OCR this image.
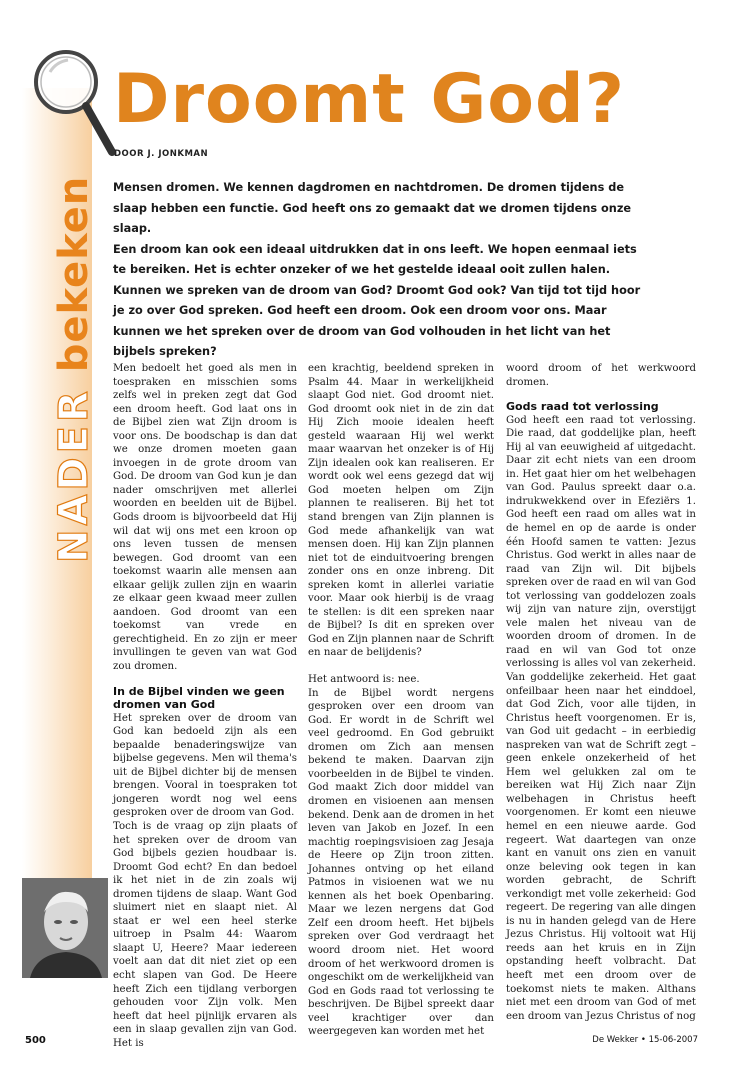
NADER bekeken
Droomt God?
DOOR J. JONKMAN

Mensen dromen. We kennen dagdromen en nachtdromen. De dromen tijdens de slaap hebben een functie. God heeft ons zo gemaakt dat we dromen tijdens onze slaap.

Een droom kan ook een ideaal uitdrukken dat in ons leeft. We hopen eenmaal iets te bereiken. Het is echter onzeker of we het gestelde ideaal ooit zullen halen.

Kunnen we spreken van de droom van God? Droomt God ook? Van tijd tot tijd hoor je zo over God spreken. God heeft een droom. Ook een droom voor ons. Maar kunnen we het spreken over de droom van God volhouden in het licht van het bijbels spreken?

Men bedoelt het goed als men in toespraken en misschien soms zelfs wel in preken zegt dat God een droom heeft. God laat ons in de Bijbel zien wat Zijn droom is voor ons. De boodschap is dan dat we onze dromen moeten gaan invoegen in de grote droom van God. De droom van God kun je dan nader omschrijven met allerlei woorden en beelden uit de Bijbel. Gods droom is bijvoorbeeld dat Hij wil dat wij ons met een kroon op ons leven tussen de mensen bewegen. God droomt van een toekomst waarin alle mensen aan elkaar gelijk zullen zijn en waarin ze elkaar geen kwaad meer zullen aandoen. God droomt van een toekomst van vrede en gerechtigheid. En zo zijn er meer invullingen te geven van wat God zou dromen.

In de Bijbel vinden we geen dromen van God

Het spreken over de droom van God kan bedoeld zijn als een bepaalde benaderingswijze van bijbelse gegevens. Men wil thema's uit de Bijbel dichter bij de mensen brengen. Vooral in toespraken tot jongeren wordt nog wel eens gesproken over de droom van God.

Toch is de vraag op zijn plaats of het spreken over de droom van God bijbels gezien houdbaar is. Droomt God echt? En dan bedoel ik het niet in de zin zoals wij dromen tijdens de slaap. Want God sluimert niet en slaapt niet. Al staat er wel een heel sterke uitroep in Psalm 44: Waarom slaapt U, Heere? Maar iedereen voelt aan dat dit niet ziet op een echt slapen van God. De Heere heeft Zich een tijdlang verborgen gehouden voor Zijn volk. Men heeft dat heel pijnlijk ervaren als een in slaap gevallen zijn van God. Het is

een krachtig, beeldend spreken in Psalm 44. Maar in werkelijkheid slaapt God niet. God droomt niet. God droomt ook niet in de zin dat Hij Zich mooie idealen heeft gesteld waaraan Hij wel werkt maar waarvan het onzeker is of Hij Zijn idealen ook kan realiseren. Er wordt ook wel eens gezegd dat wij God moeten helpen om Zijn plannen te realiseren. Bij het tot stand brengen van Zijn plannen is God mede afhankelijk van wat mensen doen. Hij kan Zijn plannen niet tot de einduitvoering brengen zonder ons en onze inbreng. Dit spreken komt in allerlei variatie voor. Maar ook hierbij is de vraag te stellen: is dit een spreken naar de Bijbel? Is dit en spreken over God en Zijn plannen naar de Schrift en naar de belijdenis?

Het antwoord is: nee.

In de Bijbel wordt nergens gesproken over een droom van God. Er wordt in de Schrift wel veel gedroomd. En God gebruikt dromen om Zich aan mensen bekend te maken. Daarvan zijn voorbeelden in de Bijbel te vinden. God maakt Zich door middel van dromen en visioenen aan mensen bekend. Denk aan de dromen in het leven van Jakob en Jozef. In een machtig roepingsvisioen zag Jesaja de Heere op Zijn troon zitten. Johannes ontving op het eiland Patmos in visioenen wat we nu kennen als het boek Openbaring. Maar we lezen nergens dat God Zelf een droom heeft. Het bijbels spreken over God verdraagt het woord droom niet. Het woord droom of het werkwoord dromen is ongeschikt om de werkelijkheid van God en Gods raad tot verlossing te beschrijven. De Bijbel spreekt daar veel krachtiger over dan weergegeven kan worden met het

woord droom of het werkwoord dromen.

Gods raad tot verlossing

God heeft een raad tot verlossing. Die raad, dat goddelijke plan, heeft Hij al van eeuwigheid af uitgedacht. Daar zit echt niets van een droom in. Het gaat hier om het welbehagen van God. Paulus spreekt daar o.a. indrukwekkend over in Efeziërs 1. God heeft een raad om alles wat in de hemel en op de aarde is onder één Hoofd samen te vatten: Jezus Christus. God werkt in alles naar de raad van Zijn wil. Dit bijbels spreken over de raad en wil van God tot verlossing van goddelozen zoals wij zijn van nature zijn, overstijgt vele malen het niveau van de woorden droom of dromen. In de raad en wil van God tot onze verlossing is alles vol van zekerheid. Van goddelijke zekerheid. Het gaat onfeilbaar heen naar het einddoel, dat God Zich, voor alle tijden, in Christus heeft voorgenomen. Er is, van God uit gedacht – in eerbiedig naspreken van wat de Schrift zegt – geen enkele onzekerheid of het Hem wel gelukken zal om te bereiken wat Hij Zich naar Zijn welbehagen in Christus heeft voorgenomen. Er komt een nieuwe hemel en een nieuwe aarde. God regeert. Wat daartegen van onze kant en vanuit ons zien en vanuit onze beleving ook tegen in kan worden gebracht, de Schrift verkondigt met volle zekerheid: God regeert. De regering van alle dingen is nu in handen gelegd van de Here Jezus Christus. Hij voltooit wat Hij reeds aan het kruis en in Zijn opstanding heeft volbracht. Dat heeft met een droom over de toekomst niets te maken. Althans niet met een droom van God of met een droom van Jezus Christus of nog

500	De Wekker • 15-06-2007
